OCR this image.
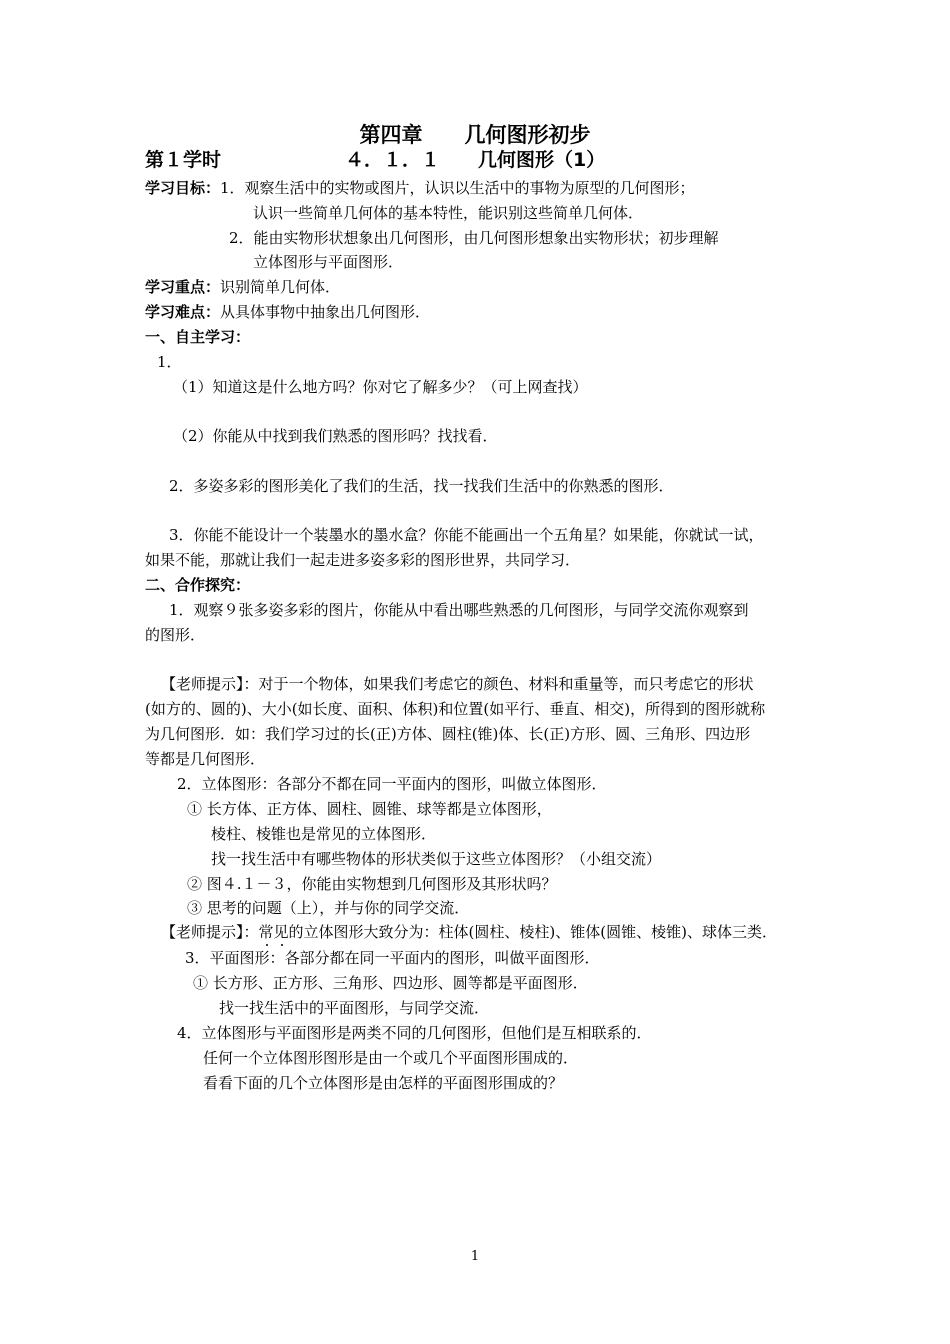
第四章　　几何图形初步
第１学时	４．１．１　　几何图形（1）
学习目标：1．观察生活中的实物或图片，认识以生活中的事物为原型的几何图形；
认识一些简单几何体的基本特性，能识别这些简单几何体．
2．能由实物形状想象出几何图形，由几何图形想象出实物形状；初步理解
立体图形与平面图形．
学习重点：识别简单几何体．
学习难点：从具体事物中抽象出几何图形．
一、自主学习：
1．
（1）知道这是什么地方吗？你对它了解多少？（可上网查找）
（2）你能从中找到我们熟悉的图形吗？找找看．
2．多姿多彩的图形美化了我们的生活，找一找我们生活中的你熟悉的图形．
3．你能不能设计一个装墨水的墨水盒？你能不能画出一个五角星？如果能，你就试一试，
如果不能，那就让我们一起走进多姿多彩的图形世界，共同学习．
二、合作探究：
1．观察９张多姿多彩的图片，你能从中看出哪些熟悉的几何图形，与同学交流你观察到
的图形．
【老师提示】：对于一个物体，如果我们考虑它的颜色、材料和重量等，而只考虑它的形状
(如方的、圆的)、大小(如长度、面积、体积)和位置(如平行、垂直、相交)，所得到的图形就称
为几何图形．如：我们学习过的长(正)方体、圆柱(锥)体、长(正)方形、圆、三角形、四边形
等都是几何图形．
2．立体图形：各部分不都在同一平面内的图形，叫做立体图形．
① 长方体、正方体、圆柱、圆锥、球等都是立体图形，
棱柱、棱锥也是常见的立体图形．
找一找生活中有哪些物体的形状类似于这些立体图形？（小组交流）
② 图４.１－３，你能由实物想到几何图形及其形状吗？
③ 思考的问题（上），并与你的同学交流．
【老师提示】：常见的立体图形大致分为：柱体(圆柱、棱柱)、锥体(圆锥、棱锥)、球体三类．
3．平面图形：各部分都在同一平面内的图形，叫做平面图形．
① 长方形、正方形、三角形、四边形、圆等都是平面图形．
找一找生活中的平面图形，与同学交流．
4．立体图形与平面图形是两类不同的几何图形，但他们是互相联系的．
任何一个立体图形图形是由一个或几个平面图形围成的．
看看下面的几个立体图形是由怎样的平面图形围成的？
1
